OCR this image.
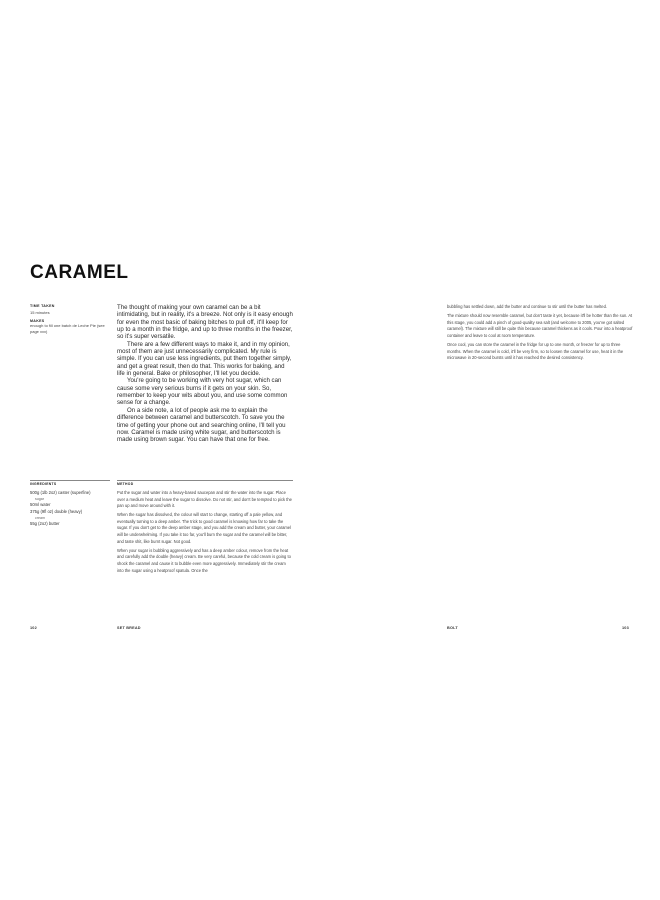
CARAMEL
TIME TAKEN
15 minutes
MAKES
enough to fill one batch de Leche Pie (see page xxx)

The thought of making your own caramel can be a bit intimidating, but in reality, it's a breeze. Not only is it easy enough for even the most basic of baking bitches to pull off, it'll keep for up to a month in the fridge, and up to three months in the freezer, so it's super versatile.

There are a few different ways to make it, and in my opinion, most of them are just unnecessarily complicated. My rule is simple. If you can use less ingredients, put them together simply, and get a great result, then do that. This works for baking, and life in general. Bake or philosopher, I'll let you decide.

You're going to be working with very hot sugar, which can cause some very serious burns if it gets on your skin. So, remember to keep your wits about you, and use some common sense for a change.

On a side note, a lot of people ask me to explain the difference between caramel and butterscotch. To save you the time of getting your phone out and searching online, I'll tell you now. Caramel is made using white sugar, and butterscotch is made using brown sugar. You can have that one for free.

INGREDIENTS	METHOD
500g (1lb 2oz) caster (superfine)
sugar
50ml water
375g (9fl oz) double (heavy)
cream
55g (2oz) butter

Put the sugar and water into a heavy-based saucepan and stir the water into the sugar. Place over a medium heat and leave the sugar to dissolve. Do not stir, and don't be tempted to pick the pan up and move around with it.

When the sugar has dissolved, the colour will start to change, starting off a pale yellow, and eventually turning to a deep amber. The trick to good caramel is knowing how far to take the sugar. If you don't get to the deep amber stage, and you add the cream and butter, your caramel will be underwhelming. If you take it too far, you'll burn the sugar and the caramel will be bitter, and taste shit, like burnt sugar. Not good.

When your sugar is bubbling aggressively and has a deep amber colour, remove from the heat and carefully add the double (heavy) cream. Be very careful, because the cold cream is going to shock the caramel and cause it to bubble even more aggressively. Immediately stir the cream into the sugar using a heatproof spatula. Once the

bubbling has settled down, add the butter and continue to stir until the butter has melted.

The mixture should now resemble caramel, but don't taste it yet, because it'll be hotter than the sun. At this stage, you could add a pinch of good-quality sea salt (and welcome to 2005, you've got salted caramel). The mixture will still be quite thin because caramel thickens as it cools. Pour into a heatproof container and leave to cool at room temperature.

Once cool, you can store the caramel in the fridge for up to one month, or freezer for up to three months. When the caramel is cold, it'll be very firm, so to loosen the caramel for use, heat it in the microwave in 20-second bursts until it has reached the desired consistency.

102	SET BREAD	BOLT	103
